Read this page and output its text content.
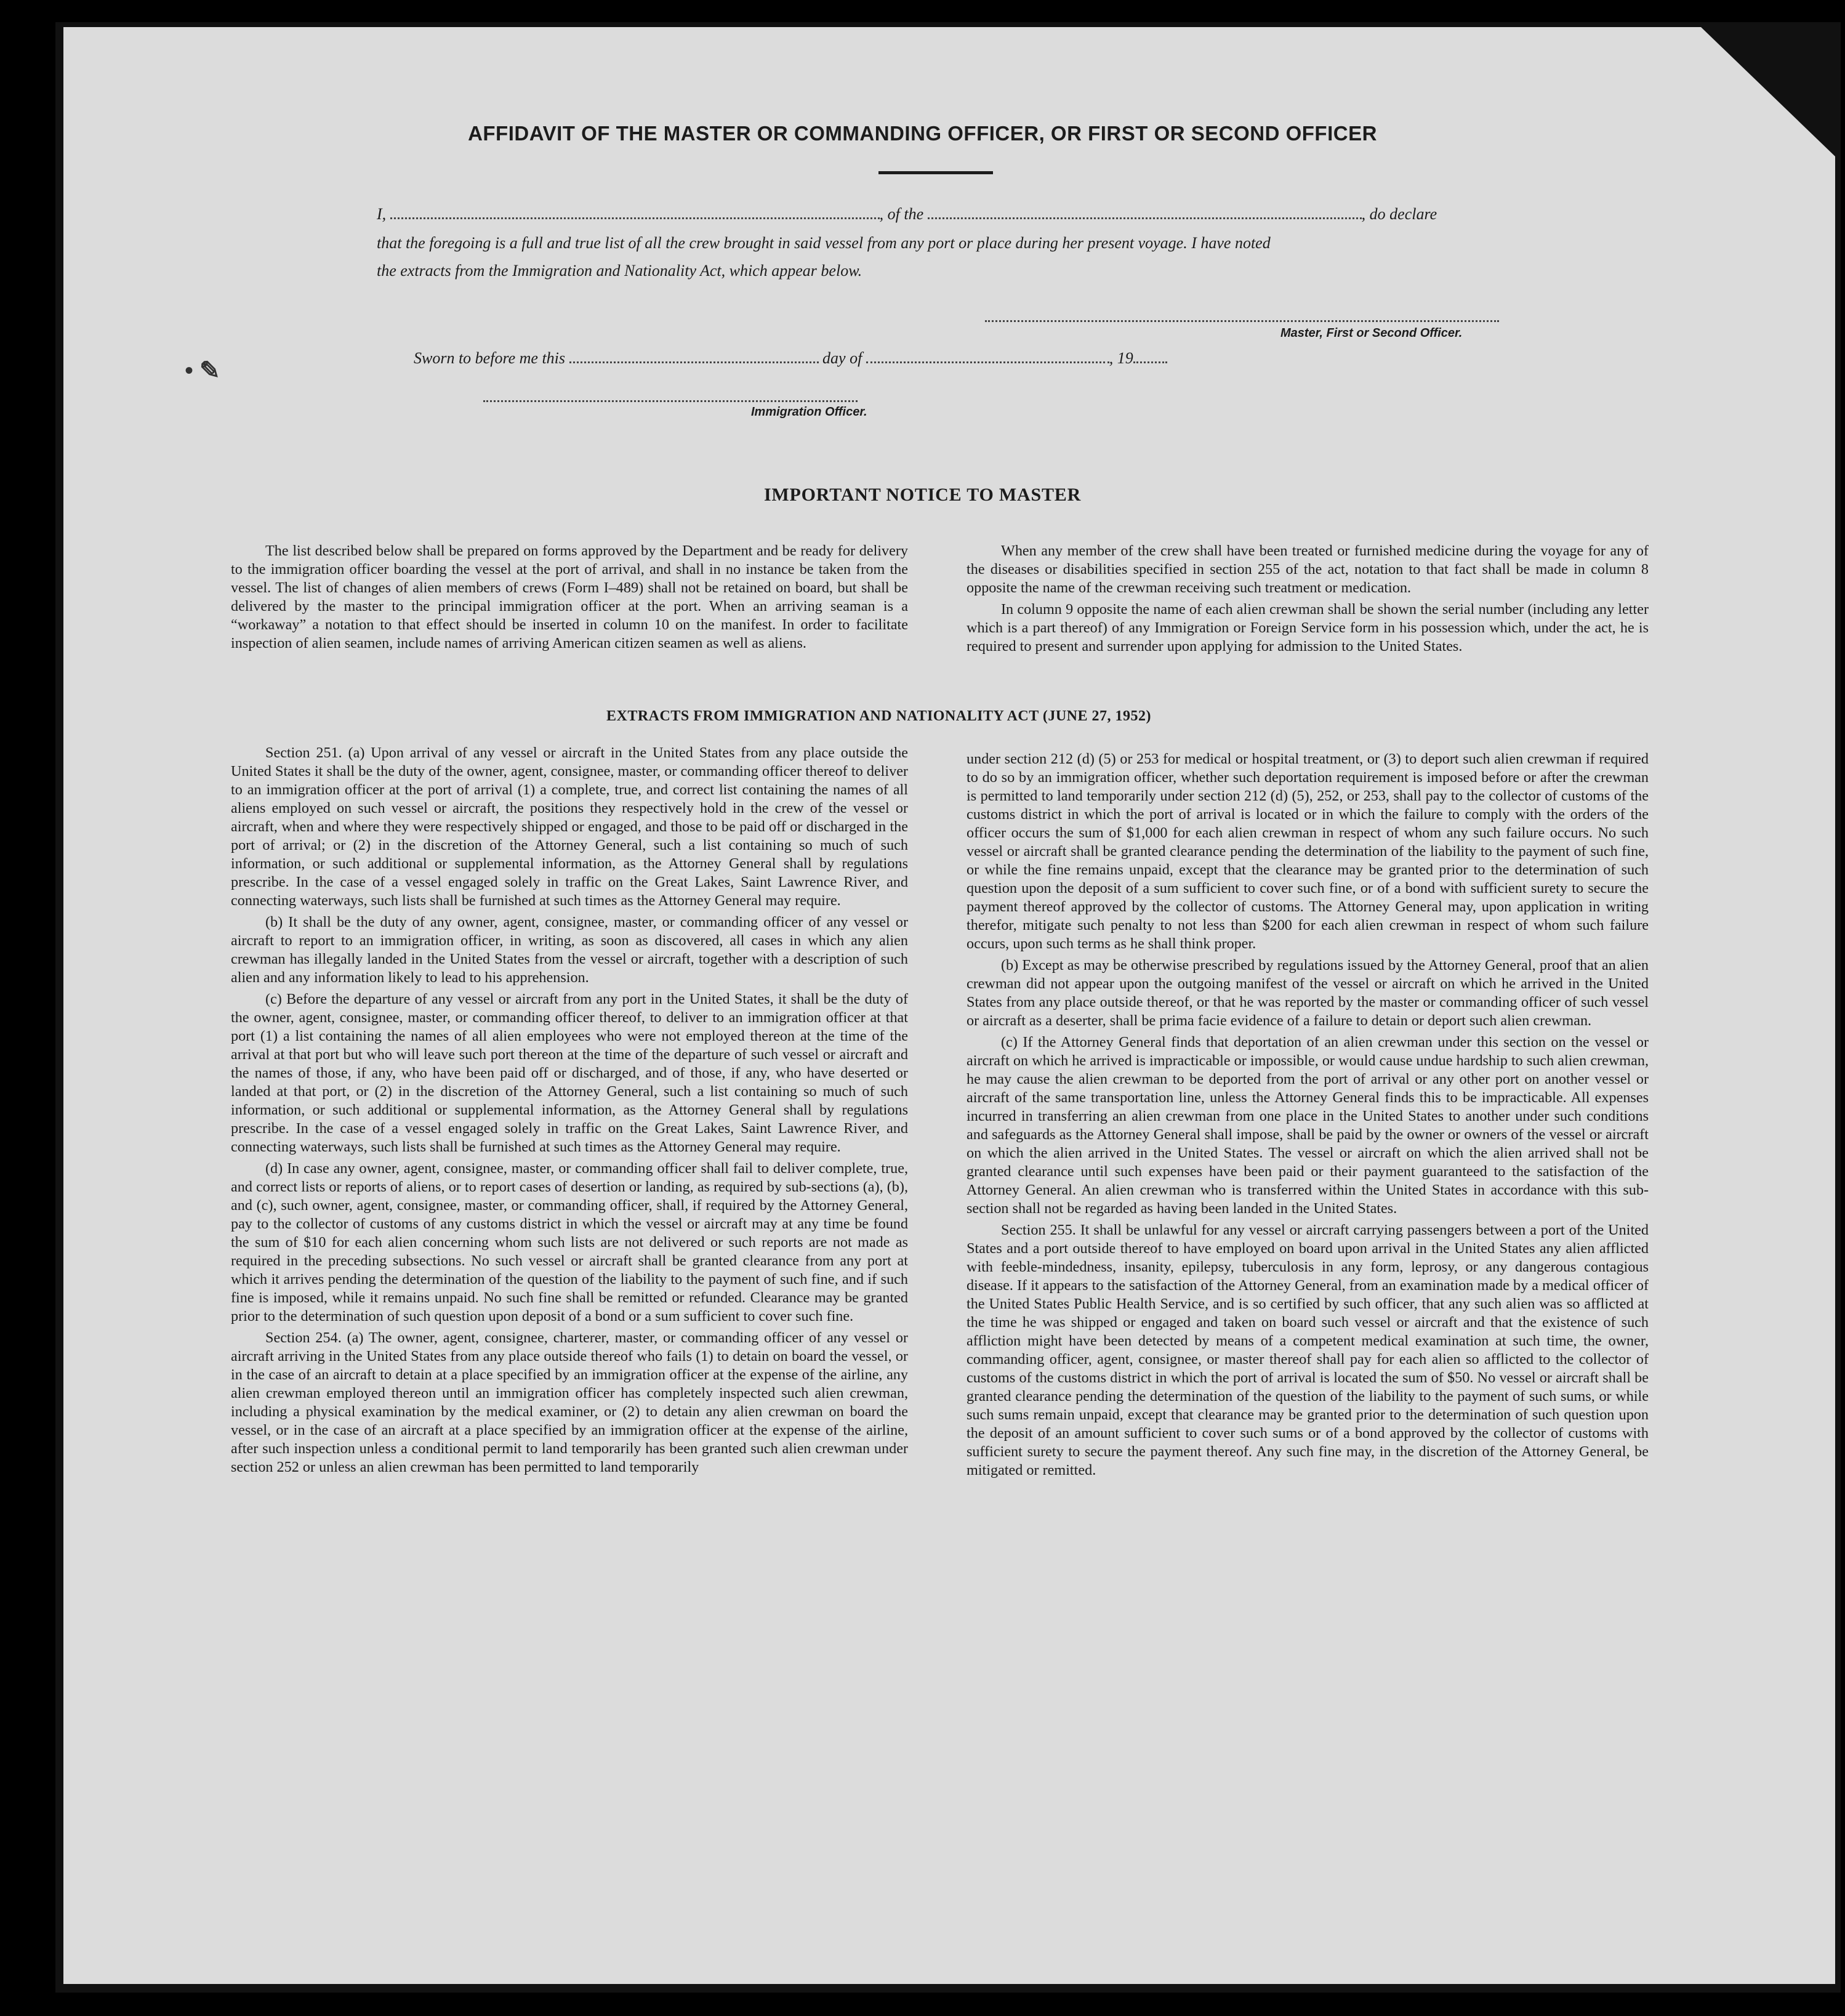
• ✎
AFFIDAVIT OF THE MASTER OR COMMANDING OFFICER, OR FIRST OR SECOND OFFICER
I,	, of the	, do declare
that the foregoing is a full and true list of all the crew brought in said vessel from any port or place during her present voyage. I have noted
the extracts from the Immigration and Nationality Act, which appear below.
Master, First or Second Officer.
Sworn to before me this	day of	, 19
Immigration Officer.
IMPORTANT NOTICE TO MASTER

The list described below shall be prepared on forms approved by the Department and be ready for delivery to the immigration officer boarding the vessel at the port of arrival, and shall in no instance be taken from the vessel. The list of changes of alien members of crews (Form I–489) shall not be retained on board, but shall be delivered by the master to the principal immigration officer at the port. When an arriving seaman is a “workaway” a notation to that effect should be inserted in column 10 on the manifest. In order to facilitate inspection of alien seamen, include names of arriving American citizen seamen as well as aliens.

When any member of the crew shall have been treated or furnished medicine during the voyage for any of the diseases or disabilities specified in section 255 of the act, notation to that fact shall be made in column 8 opposite the name of the crewman receiving such treatment or medication.

In column 9 opposite the name of each alien crewman shall be shown the serial number (including any letter which is a part thereof) of any Immigration or Foreign Service form in his possession which, under the act, he is required to present and surrender upon applying for admission to the United States.

EXTRACTS FROM IMMIGRATION AND NATIONALITY ACT (JUNE 27, 1952)

Section 251. (a) Upon arrival of any vessel or aircraft in the United States from any place outside the United States it shall be the duty of the owner, agent, consignee, master, or commanding officer thereof to deliver to an immigration officer at the port of arrival (1) a complete, true, and correct list containing the names of all aliens employed on such vessel or aircraft, the positions they respectively hold in the crew of the vessel or aircraft, when and where they were respectively shipped or engaged, and those to be paid off or discharged in the port of arrival; or (2) in the discretion of the Attorney General, such a list containing so much of such information, or such additional or supplemental information, as the Attorney General shall by regulations prescribe. In the case of a vessel engaged solely in traffic on the Great Lakes, Saint Lawrence River, and connecting waterways, such lists shall be furnished at such times as the Attorney General may require.

(b) It shall be the duty of any owner, agent, consignee, master, or commanding officer of any vessel or aircraft to report to an immigration officer, in writing, as soon as discovered, all cases in which any alien crewman has illegally landed in the United States from the vessel or aircraft, together with a description of such alien and any information likely to lead to his apprehension.

(c) Before the departure of any vessel or aircraft from any port in the United States, it shall be the duty of the owner, agent, consignee, master, or commanding officer thereof, to deliver to an immigration officer at that port (1) a list containing the names of all alien employees who were not employed thereon at the time of the arrival at that port but who will leave such port thereon at the time of the departure of such vessel or aircraft and the names of those, if any, who have been paid off or discharged, and of those, if any, who have deserted or landed at that port, or (2) in the discretion of the Attorney General, such a list containing so much of such information, or such additional or supplemental information, as the Attorney General shall by regulations prescribe. In the case of a vessel engaged solely in traffic on the Great Lakes, Saint Lawrence River, and connecting waterways, such lists shall be furnished at such times as the Attorney General may require.

(d) In case any owner, agent, consignee, master, or commanding officer shall fail to deliver complete, true, and correct lists or reports of aliens, or to report cases of desertion or landing, as required by sub-sections (a), (b), and (c), such owner, agent, consignee, master, or commanding officer, shall, if required by the Attorney General, pay to the collector of customs of any customs district in which the vessel or aircraft may at any time be found the sum of $10 for each alien concerning whom such lists are not delivered or such reports are not made as required in the preceding subsections. No such vessel or aircraft shall be granted clearance from any port at which it arrives pending the determination of the question of the liability to the payment of such fine, and if such fine is imposed, while it remains unpaid. No such fine shall be remitted or refunded. Clearance may be granted prior to the determination of such question upon deposit of a bond or a sum sufficient to cover such fine.

Section 254. (a) The owner, agent, consignee, charterer, master, or commanding officer of any vessel or aircraft arriving in the United States from any place outside thereof who fails (1) to detain on board the vessel, or in the case of an aircraft to detain at a place specified by an immigration officer at the expense of the airline, any alien crewman employed thereon until an immigration officer has completely inspected such alien crewman, including a physical examination by the medical examiner, or (2) to detain any alien crewman on board the vessel, or in the case of an aircraft at a place specified by an immigration officer at the expense of the airline, after such inspection unless a conditional permit to land temporarily has been granted such alien crewman under section 252 or unless an alien crewman has been permitted to land temporarily

under section 212 (d) (5) or 253 for medical or hospital treatment, or (3) to deport such alien crewman if required to do so by an immigration officer, whether such deportation requirement is imposed before or after the crewman is permitted to land temporarily under section 212 (d) (5), 252, or 253, shall pay to the collector of customs of the customs district in which the port of arrival is located or in which the failure to comply with the orders of the officer occurs the sum of $1,000 for each alien crewman in respect of whom any such failure occurs. No such vessel or aircraft shall be granted clearance pending the determination of the liability to the payment of such fine, or while the fine remains unpaid, except that the clearance may be granted prior to the determination of such question upon the deposit of a sum sufficient to cover such fine, or of a bond with sufficient surety to secure the payment thereof approved by the collector of customs. The Attorney General may, upon application in writing therefor, mitigate such penalty to not less than $200 for each alien crewman in respect of whom such failure occurs, upon such terms as he shall think proper.

(b) Except as may be otherwise prescribed by regulations issued by the Attorney General, proof that an alien crewman did not appear upon the outgoing manifest of the vessel or aircraft on which he arrived in the United States from any place outside thereof, or that he was reported by the master or commanding officer of such vessel or aircraft as a deserter, shall be prima facie evidence of a failure to detain or deport such alien crewman.

(c) If the Attorney General finds that deportation of an alien crewman under this section on the vessel or aircraft on which he arrived is impracticable or impossible, or would cause undue hardship to such alien crewman, he may cause the alien crewman to be deported from the port of arrival or any other port on another vessel or aircraft of the same transportation line, unless the Attorney General finds this to be impracticable. All expenses incurred in transferring an alien crewman from one place in the United States to another under such conditions and safeguards as the Attorney General shall impose, shall be paid by the owner or owners of the vessel or aircraft on which the alien arrived in the United States. The vessel or aircraft on which the alien arrived shall not be granted clearance until such expenses have been paid or their payment guaranteed to the satisfaction of the Attorney General. An alien crewman who is transferred within the United States in accordance with this sub-section shall not be regarded as having been landed in the United States.

Section 255. It shall be unlawful for any vessel or aircraft carrying passengers between a port of the United States and a port outside thereof to have employed on board upon arrival in the United States any alien afflicted with feeble-mindedness, insanity, epilepsy, tuberculosis in any form, leprosy, or any dangerous contagious disease. If it appears to the satisfaction of the Attorney General, from an examination made by a medical officer of the United States Public Health Service, and is so certified by such officer, that any such alien was so afflicted at the time he was shipped or engaged and taken on board such vessel or aircraft and that the existence of such affliction might have been detected by means of a competent medical examination at such time, the owner, commanding officer, agent, consignee, or master thereof shall pay for each alien so afflicted to the collector of customs of the customs district in which the port of arrival is located the sum of $50. No vessel or aircraft shall be granted clearance pending the determination of the question of the liability to the payment of such sums, or while such sums remain unpaid, except that clearance may be granted prior to the determination of such question upon the deposit of an amount sufficient to cover such sums or of a bond approved by the collector of customs with sufficient surety to secure the payment thereof. Any such fine may, in the discretion of the Attorney General, be mitigated or remitted.
